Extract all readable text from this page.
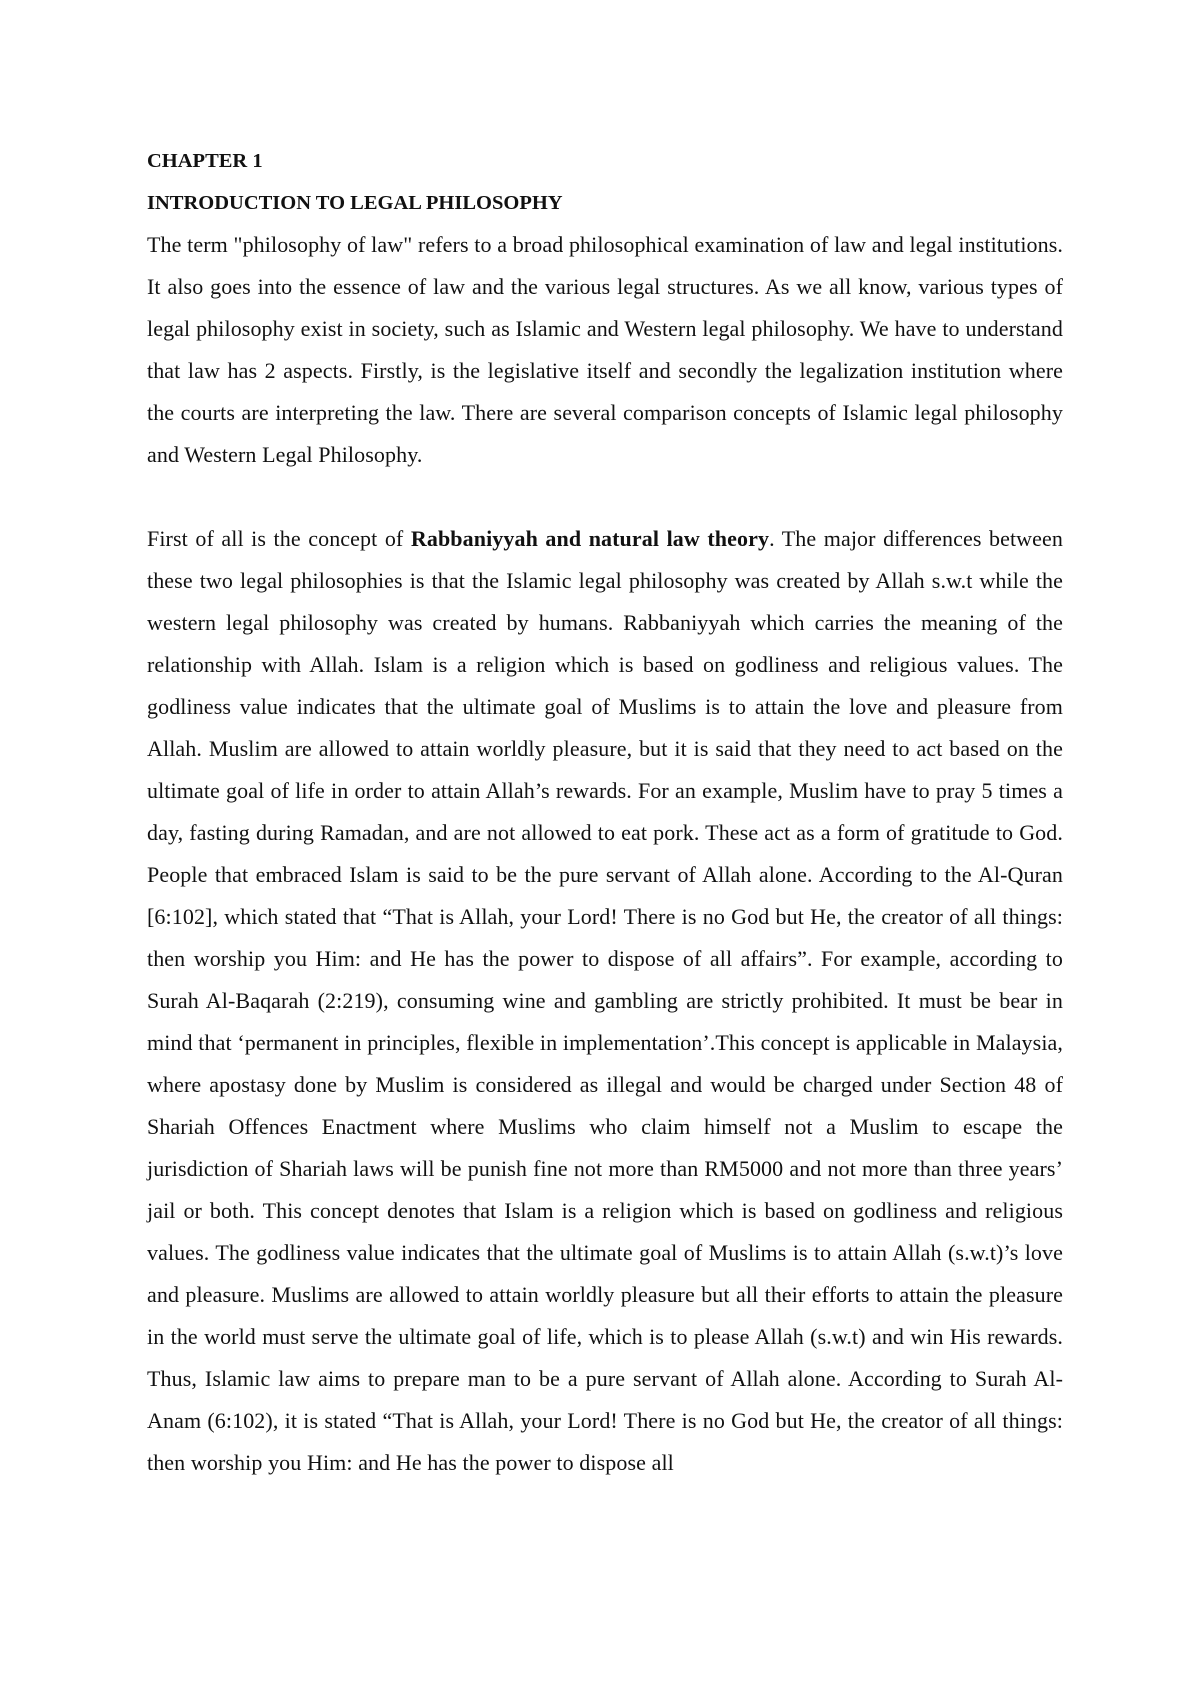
CHAPTER 1

INTRODUCTION TO LEGAL PHILOSOPHY

The term "philosophy of law" refers to a broad philosophical examination of law and legal institutions. It also goes into the essence of law and the various legal structures. As we all know, various types of legal philosophy exist in society, such as Islamic and Western legal philosophy. We have to understand that law has 2 aspects. Firstly, is the legislative itself and secondly the legalization institution where the courts are interpreting the law. There are several comparison concepts of Islamic legal philosophy and Western Legal Philosophy.

First of all is the concept of Rabbaniyyah and natural law theory. The major differences between these two legal philosophies is that the Islamic legal philosophy was created by Allah s.w.t while the western legal philosophy was created by humans. Rabbaniyyah which carries the meaning of the relationship with Allah. Islam is a religion which is based on godliness and religious values. The godliness value indicates that the ultimate goal of Muslims is to attain the love and pleasure from Allah. Muslim are allowed to attain worldly pleasure, but it is said that they need to act based on the ultimate goal of life in order to attain Allah’s rewards. For an example, Muslim have to pray 5 times a day, fasting during Ramadan, and are not allowed to eat pork. These act as a form of gratitude to God. People that embraced Islam is said to be the pure servant of Allah alone. According to the Al-Quran [6:102], which stated that “That is Allah, your Lord! There is no God but He, the creator of all things: then worship you Him: and He has the power to dispose of all affairs”. For example, according to Surah Al-Baqarah (2:219), consuming wine and gambling are strictly prohibited. It must be bear in mind that ‘permanent in principles, flexible in implementation’.This concept is applicable in Malaysia, where apostasy done by Muslim is considered as illegal and would be charged under Section 48 of Shariah Offences Enactment where Muslims who claim himself not a Muslim to escape the jurisdiction of Shariah laws will be punish fine not more than RM5000 and not more than three years’ jail or both. This concept denotes that Islam is a religion which is based on godliness and religious values. The godliness value indicates that the ultimate goal of Muslims is to attain Allah (s.w.t)’s love and pleasure. Muslims are allowed to attain worldly pleasure but all their efforts to attain the pleasure in the world must serve the ultimate goal of life, which is to please Allah (s.w.t) and win His rewards. Thus, Islamic law aims to prepare man to be a pure servant of Allah alone. According to Surah Al-Anam (6:102), it is stated “That is Allah, your Lord! There is no God but He, the creator of all things: then worship you Him: and He has the power to dispose all
